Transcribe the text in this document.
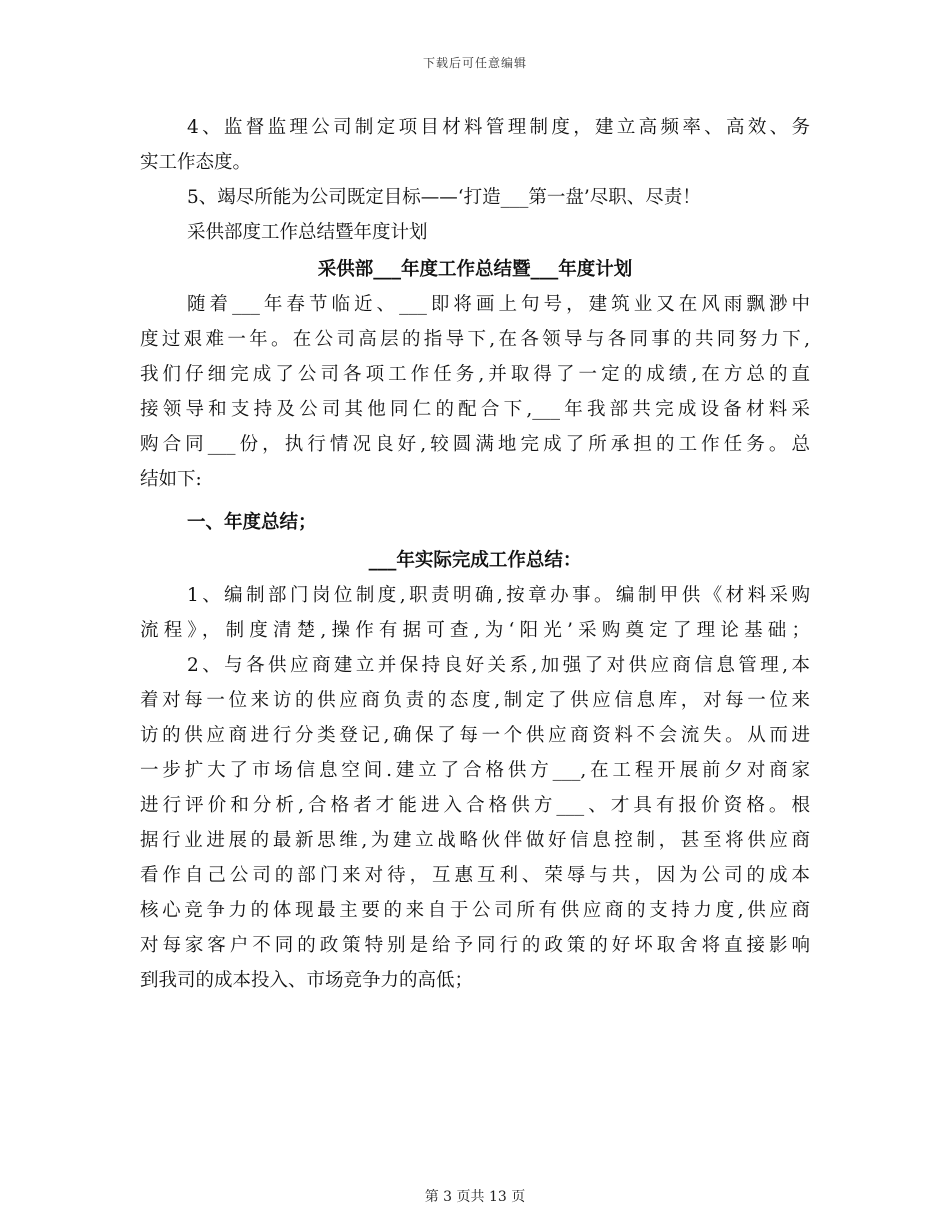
下载后可任意编辑
4、监督监理公司制定项目材料管理制度，建立高频率、高效、务
实工作态度。
5、竭尽所能为公司既定目标——‘打造___第一盘’尽职、尽责！
采供部度工作总结暨年度计划
采供部___年度工作总结暨___年度计划
随着___年春节临近、___即将画上句号，建筑业又在风雨飘渺中
度过艰难一年。在公司高层的指导下,在各领导与各同事的共同努力下,
我们仔细完成了公司各项工作任务,并取得了一定的成绩,在方总的直
接领导和支持及公司其他同仁的配合下,___年我部共完成设备材料采
购合同___份，执行情况良好,较圆满地完成了所承担的工作任务。总
结如下:
一、年度总结；
___年实际完成工作总结：
1、编制部门岗位制度,职责明确,按章办事。编制甲供《材料采购
流程》，制度清楚,操作有据可查,为‘阳光’采购奠定了理论基础；
2、与各供应商建立并保持良好关系,加强了对供应商信息管理,本
着对每一位来访的供应商负责的态度,制定了供应信息库，对每一位来
访的供应商进行分类登记,确保了每一个供应商资料不会流失。从而进
一步扩大了市场信息空间.建立了合格供方___,在工程开展前夕对商家
进行评价和分析,合格者才能进入合格供方___、才具有报价资格。根
据行业进展的最新思维,为建立战略伙伴做好信息控制，甚至将供应商
看作自己公司的部门来对待，互惠互利、荣辱与共，因为公司的成本
核心竞争力的体现最主要的来自于公司所有供应商的支持力度,供应商
对每家客户不同的政策特别是给予同行的政策的好坏取舍将直接影响
到我司的成本投入、市场竞争力的高低；
第 3 页共 13 页
